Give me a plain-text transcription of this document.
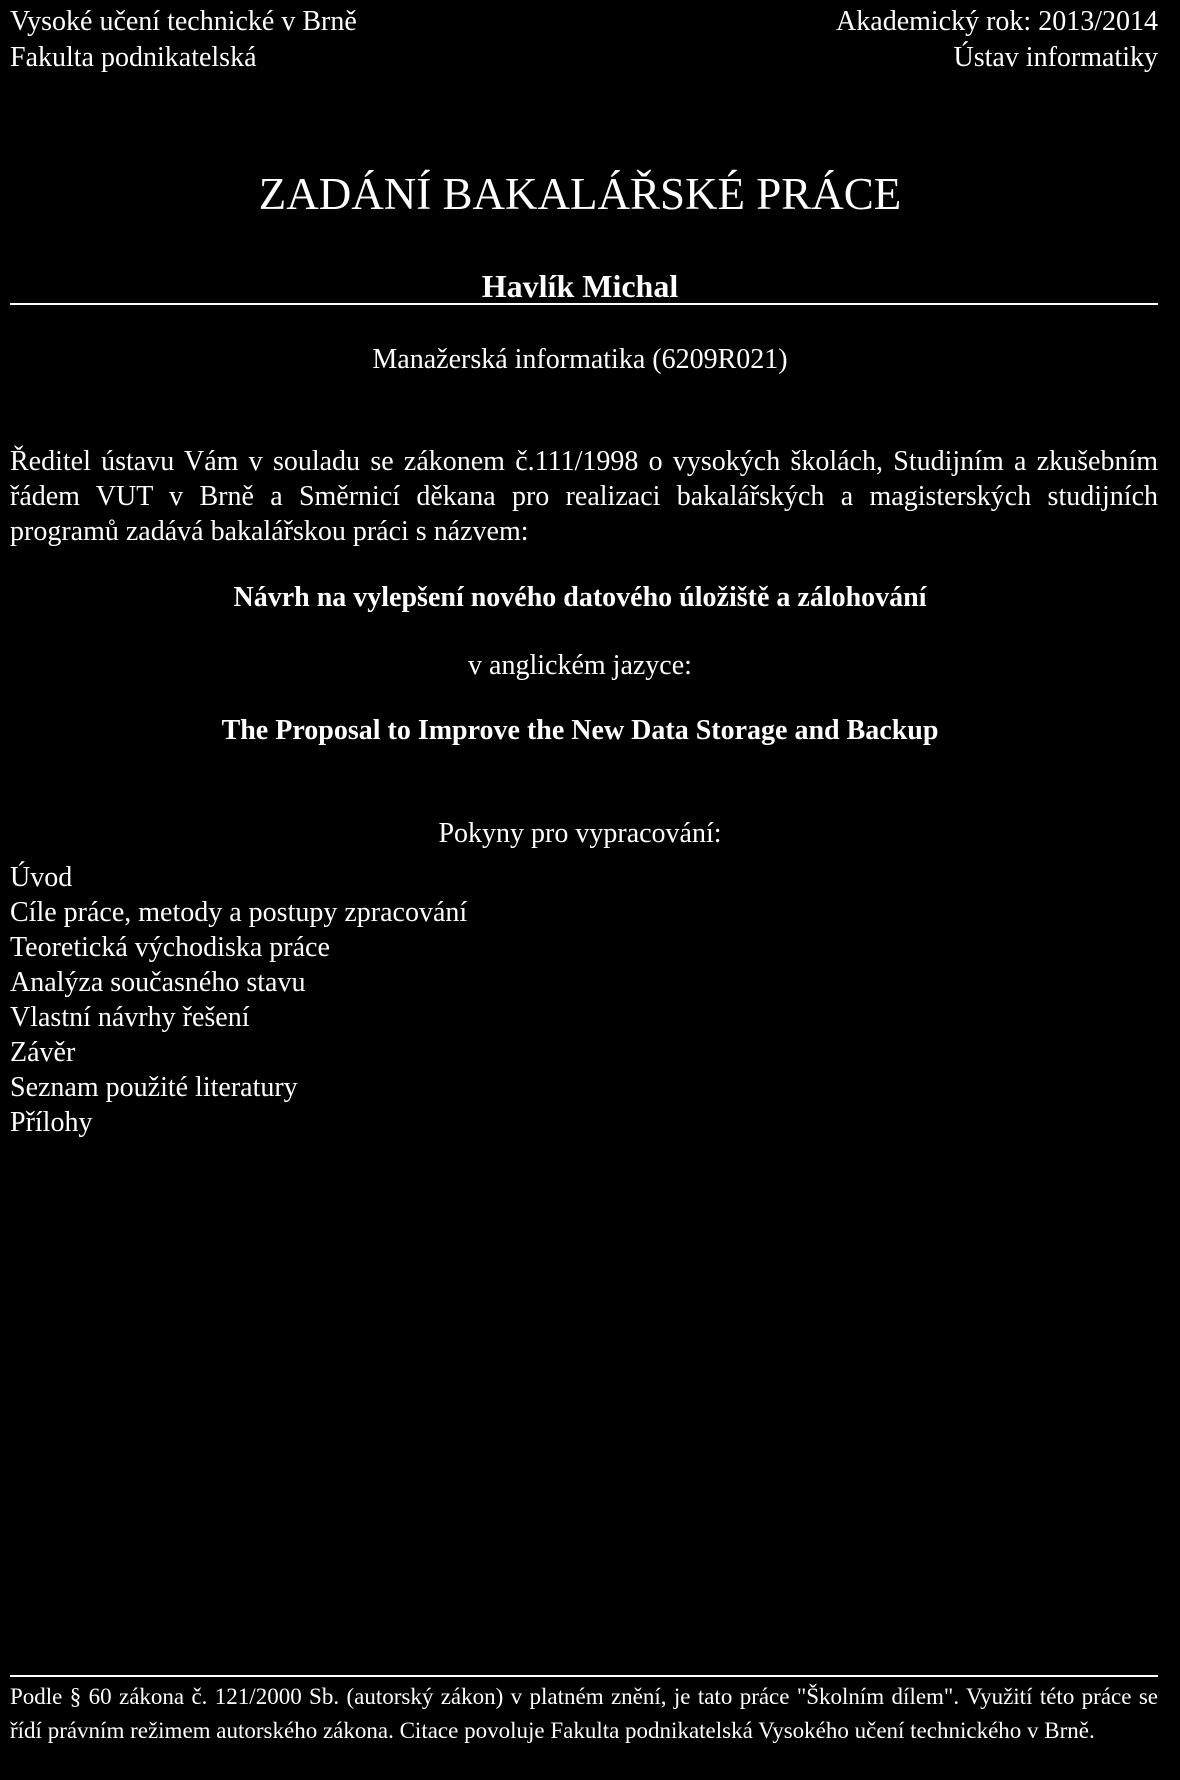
Vysoké učení technické v Brně
Fakulta podnikatelská
Akademický rok: 2013/2014
Ústav informatiky
ZADÁNÍ BAKALÁŘSKÉ PRÁCE
Havlík Michal
Manažerská informatika (6209R021)

Ředitel ústavu Vám v souladu se zákonem č.111/1998 o vysokých školách, Studijním a zkušebním řádem VUT v Brně a Směrnicí děkana pro realizaci bakalářských a magisterských studijních programů zadává bakalářskou práci s názvem:

Návrh na vylepšení nového datového úložiště a zálohování
v anglickém jazyce:
The Proposal to Improve the New Data Storage and Backup
Pokyny pro vypracování:
Úvod
Cíle práce, metody a postupy zpracování
Teoretická východiska práce
Analýza současného stavu
Vlastní návrhy řešení
Závěr
Seznam použité literatury
Přílohy

Podle § 60 zákona č. 121/2000 Sb. (autorský zákon) v platném znění, je tato práce "Školním dílem". Využití této práce se řídí právním režimem autorského zákona. Citace povoluje Fakulta podnikatelská Vysokého učení technického v Brně.
